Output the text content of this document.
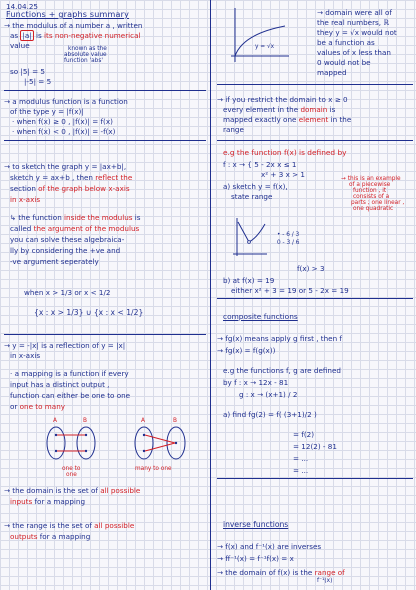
14.04.25
Functions + graphs summary
→ the modulus of a number a , written
as |a| is its non-negative numerical
value	known as the
absolute value
function 'abs'
so |5| = 5
|-5| = 5
→ a modulus function is a function
of the type y = |f(x)|
· when f(x) ≥ 0 , |f(x)| = f(x)
· when f(x) < 0 , |f(x)| = -f(x)
→ to sketch the graph y = |ax+b|,
sketch y = ax+b , then reflect the
section of the graph below x-axis
in x-axis
↳ the function inside the modulus is
called the argument of the modulus
you can solve these algebraica-
lly by considering the +ve and
-ve argument seperately
when x > 1/3 or x < 1/2
{x : x > 1/3} ∪ {x : x < 1/2}
→ y = -|x| is a reflection of y = |x|
in x-axis
· a mapping is a function if every
input has a distinct output ,
function can either be one to one
or one to many
A	B	A	B
one to
one
many to one
→ the domain is the set of all possible
inputs for a mapping
→ the range is the set of all possible
outputs for a mapping
y = √x
→ domain were all of
the real numbers, ℝ
they y = √x would not
be a function as
values of x less than
0 would not be
mapped
→ if you restrict the domain to x ≥ 0
every element in the domain is
mapped exactly one element in the
range
e.g the function f(x) is defined by
f : x → { 5 - 2x x ≤ 1
x² + 3 x > 1
a) sketch y = f(x),
state range
→ this is an example
of a piecewise
function , it
consists of a
parts ; one linear ,
one quadratic
• - 6 / 3
0 - 3 / 6
f(x) > 3
b) at f(x) = 19
either x² + 3 = 19 or 5 - 2x = 19
composite functions
→ fg(x) means apply g first , then f
→ fg(x) = f(g(x))
e.g the functions f, g are defined
by f : x → 12x - 81
g : x → (x+1) / 2
a) find fg(2) = f( (3+1)/2 )
= f(2)
= 12(2) - 81
= ...
= ...
inverse functions
→ f(x) and f⁻¹(x) are inverses
→ ff⁻¹(x) = f⁻¹f(x) = x
→ the domain of f(x) is the range of
f⁻¹(x)
